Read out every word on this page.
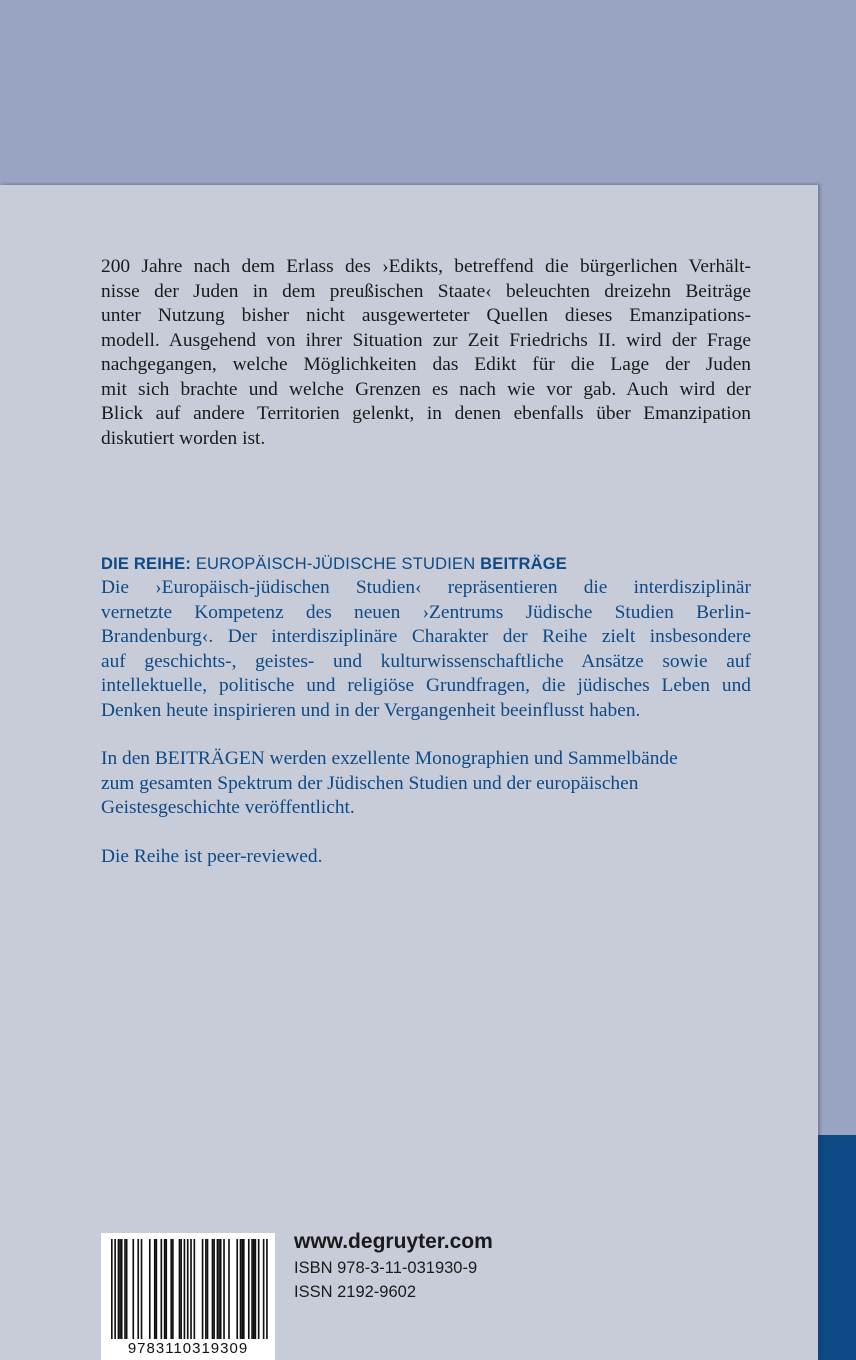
200 Jahre nach dem Erlass des ›Edikts, betreffend die bürgerlichen Verhält-
nisse der Juden in dem preußischen Staate‹ beleuchten dreizehn Beiträge
unter Nutzung bisher nicht ausgewerteter Quellen dieses Emanzipations-
modell. Ausgehend von ihrer Situation zur Zeit Friedrichs II. wird der Frage
nachgegangen, welche Möglichkeiten das Edikt für die Lage der Juden
mit sich brachte und welche Grenzen es nach wie vor gab. Auch wird der
Blick auf andere Territorien gelenkt, in denen ebenfalls über Emanzipation
diskutiert worden ist.
DIE REIHE: EUROPÄISCH-JÜDISCHE STUDIEN BEITRÄGE
Die ›Europäisch-jüdischen Studien‹ repräsentieren die interdisziplinär
vernetzte Kompetenz des neuen ›Zentrums Jüdische Studien Berlin-
Brandenburg‹. Der interdisziplinäre Charakter der Reihe zielt insbesondere
auf geschichts-, geistes- und kulturwissenschaftliche Ansätze sowie auf
intellektuelle, politische und religiöse Grundfragen, die jüdisches Leben und
Denken heute inspirieren und in der Vergangenheit beeinflusst haben.
In den BEITRÄGEN werden exzellente Monographien und Sammelbände
zum gesamten Spektrum der Jüdischen Studien und der europäischen
Geistesgeschichte veröffentlicht.
Die Reihe ist peer-reviewed.
9783110319309
www.degruyter.com
ISBN 978-3-11-031930-9
ISSN 2192-9602
